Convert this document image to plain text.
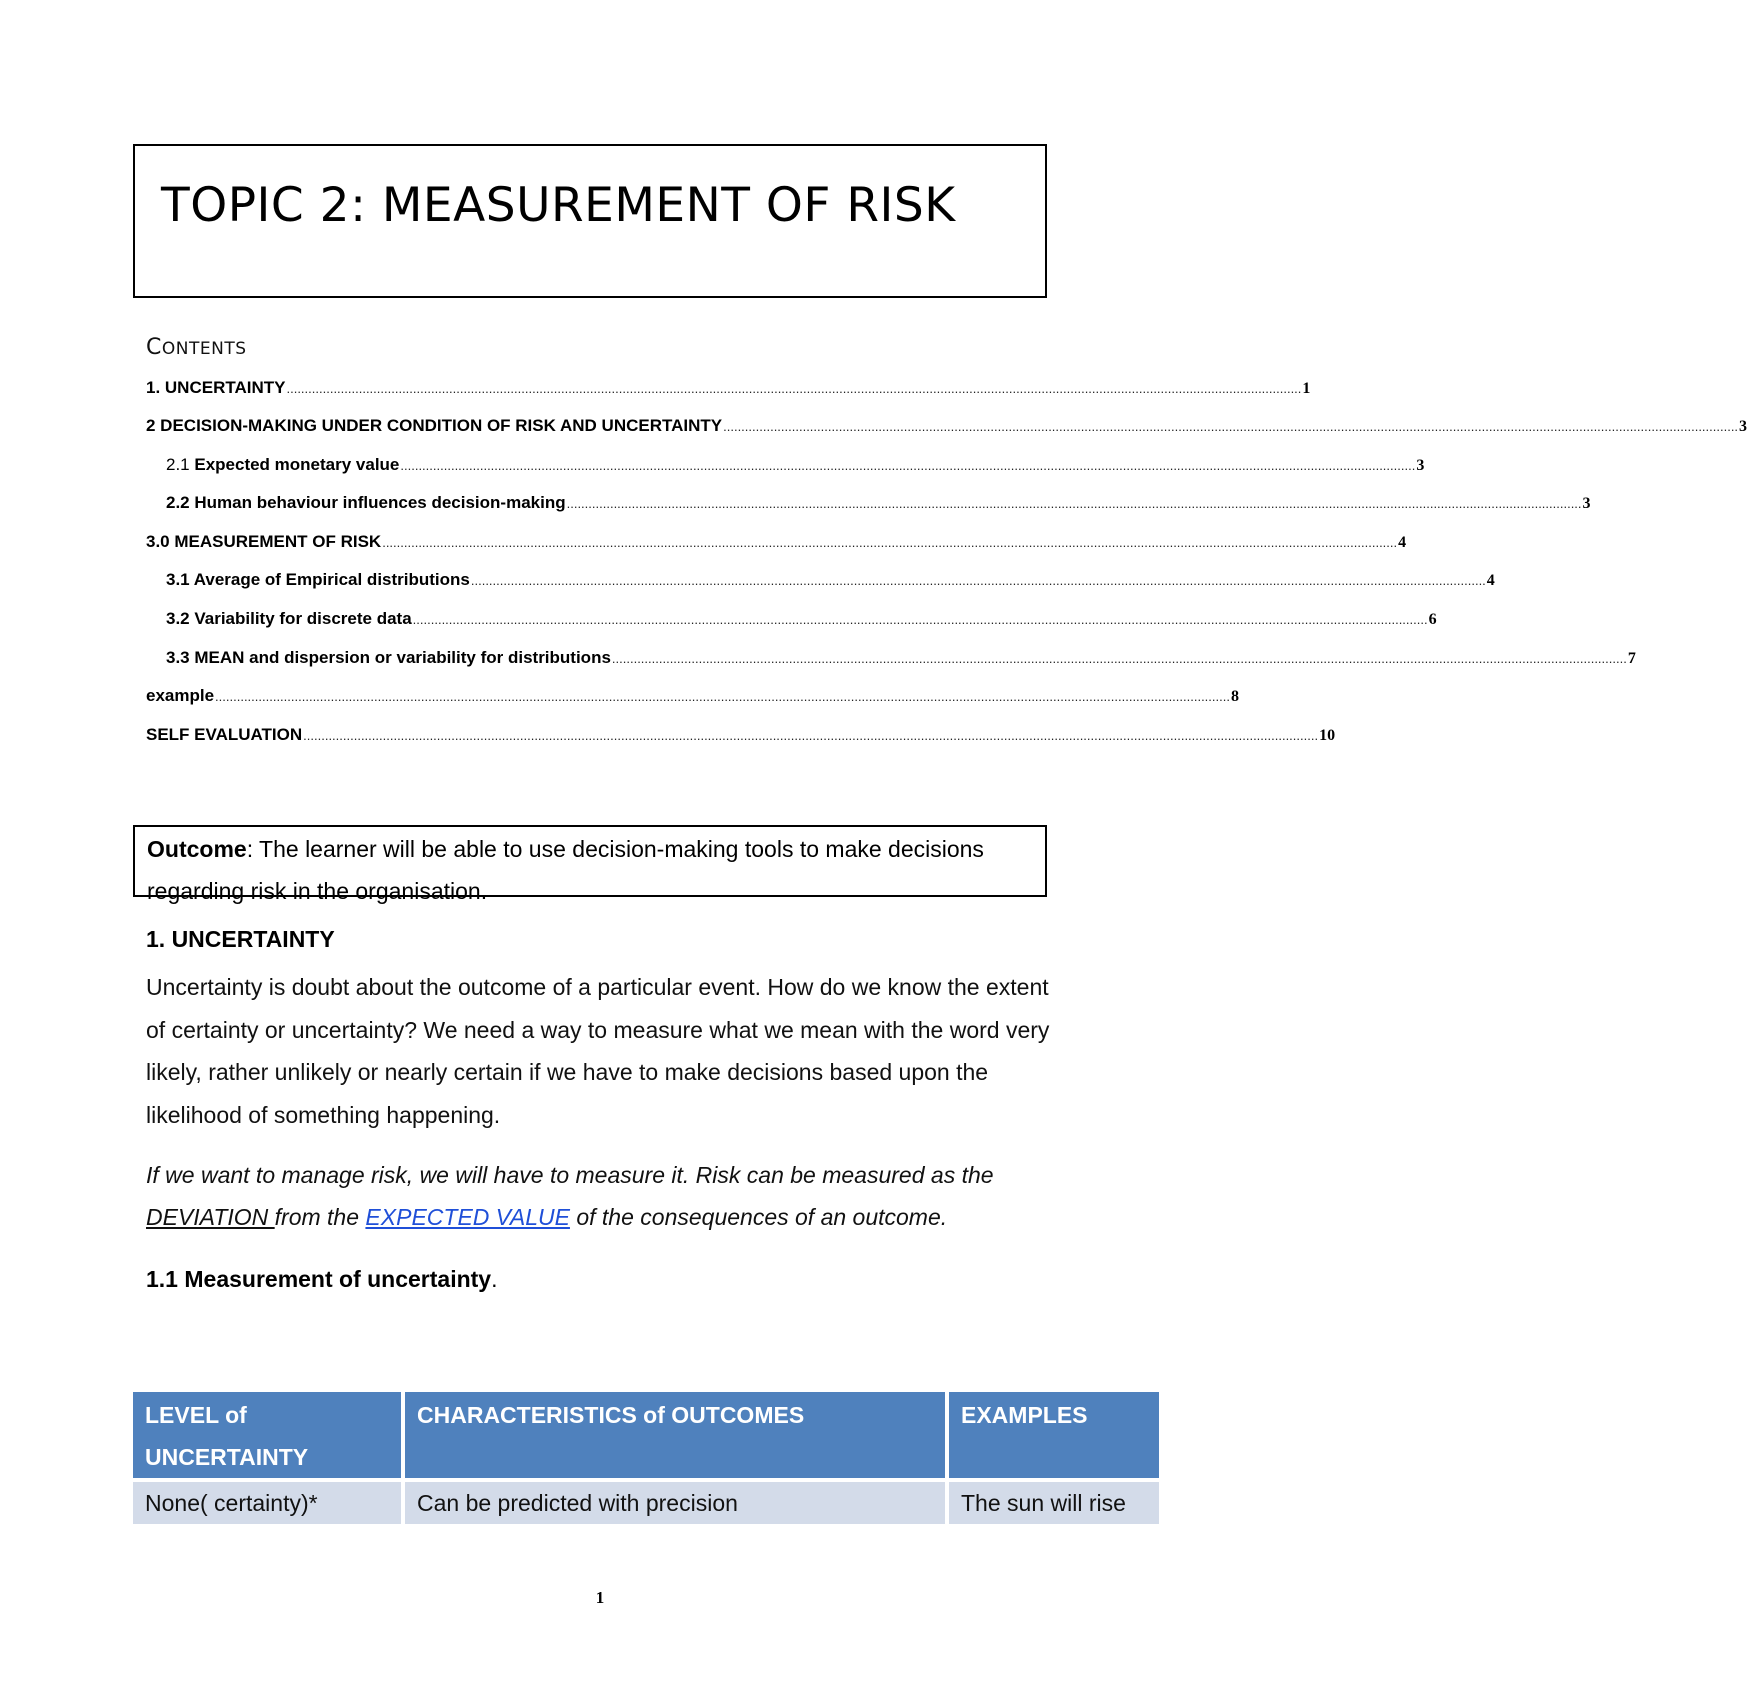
TOPIC 2: MEASUREMENT OF RISK
CONTENTS
1. UNCERTAINTY ......................................................................................................................................................................................................................................................................................... 1
2 DECISION-MAKING UNDER CONDITION OF RISK AND UNCERTAINTY ......................................................................................................................................................................................................................................................................................... 3
2.1 Expected monetary value ......................................................................................................................................................................................................................................................................................... 3
2.2 Human behaviour influences decision-making ......................................................................................................................................................................................................................................................................................... 3
3.0 MEASUREMENT OF RISK ......................................................................................................................................................................................................................................................................................... 4
3.1 Average of Empirical distributions ......................................................................................................................................................................................................................................................................................... 4
3.2 Variability for discrete data ......................................................................................................................................................................................................................................................................................... 6
3.3 MEAN and dispersion or variability for distributions ......................................................................................................................................................................................................................................................................................... 7
example ......................................................................................................................................................................................................................................................................................... 8
SELF EVALUATION ......................................................................................................................................................................................................................................................................................... 10
Outcome: The learner will be able to use decision-making tools to make decisions regarding risk in the organisation.
1. UNCERTAINTY
Uncertainty is doubt about the outcome of a particular event. How do we know the extent of certainty or uncertainty? We need a way to measure what we mean with the word very likely, rather unlikely or nearly certain if we have to make decisions based upon the likelihood of something happening.
If we want to manage risk, we will have to measure it. Risk can be measured as the DEVIATION from the EXPECTED VALUE of the consequences of an outcome.
1.1 Measurement of uncertainty.
LEVEL of UNCERTAINTY	CHARACTERISTICS of OUTCOMES	EXAMPLES
None( certainty)*	Can be predicted with precision	The sun will rise
1
